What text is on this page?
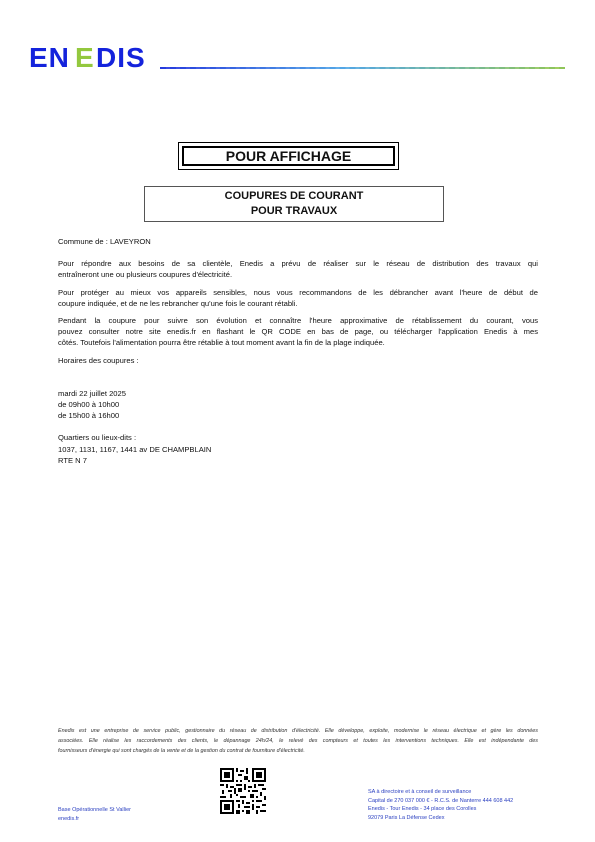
EN E DIS
POUR AFFICHAGE
COUPURES DE COURANT
POUR TRAVAUX

Commune de : LAVEYRON

Pour répondre aux besoins de sa clientèle, Enedis a prévu de réaliser sur le réseau de distribution des travaux qui
entraîneront une ou plusieurs coupures d'électricité.

Pour protéger au mieux vos appareils sensibles, nous vous recommandons de les débrancher avant l'heure de début de
coupure indiquée, et de ne les rebrancher qu'une fois le courant rétabli.

Pendant la coupure pour suivre son évolution et connaître l'heure approximative de rétablissement du courant, vous
pouvez consulter notre site enedis.fr en flashant le QR CODE en bas de page, ou télécharger l'application Enedis à mes
côtés. Toutefois l'alimentation pourra être rétablie à tout moment avant la fin de la plage indiquée.

Horaires des coupures :

mardi 22 juillet 2025

de 09h00 à 10h00

de 15h00 à 16h00

Quartiers ou lieux-dits :

1037, 1131, 1167, 1441 av DE CHAMPBLAIN

RTE N 7

Enedis est une entreprise de service public, gestionnaire du réseau de distribution d'électricité. Elle développe, exploite, modernise le réseau électrique et gère les données
associées. Elle réalise les raccordements des clients, le dépannage 24h/24, le relevé des compteurs et toutes les interventions techniques. Elle est indépendante des
fournisseurs d'énergie qui sont chargés de la vente et de la gestion du contrat de fourniture d'électricité.
Base Opérationnelle St Vallier
enedis.fr
SA à directoire et à conseil de surveillance
Capital de 270 037 000 € - R.C.S. de Nanterre 444 608 442
Enedis - Tour Enedis - 34 place des Corolles
92079 Paris La Défense Cedex
